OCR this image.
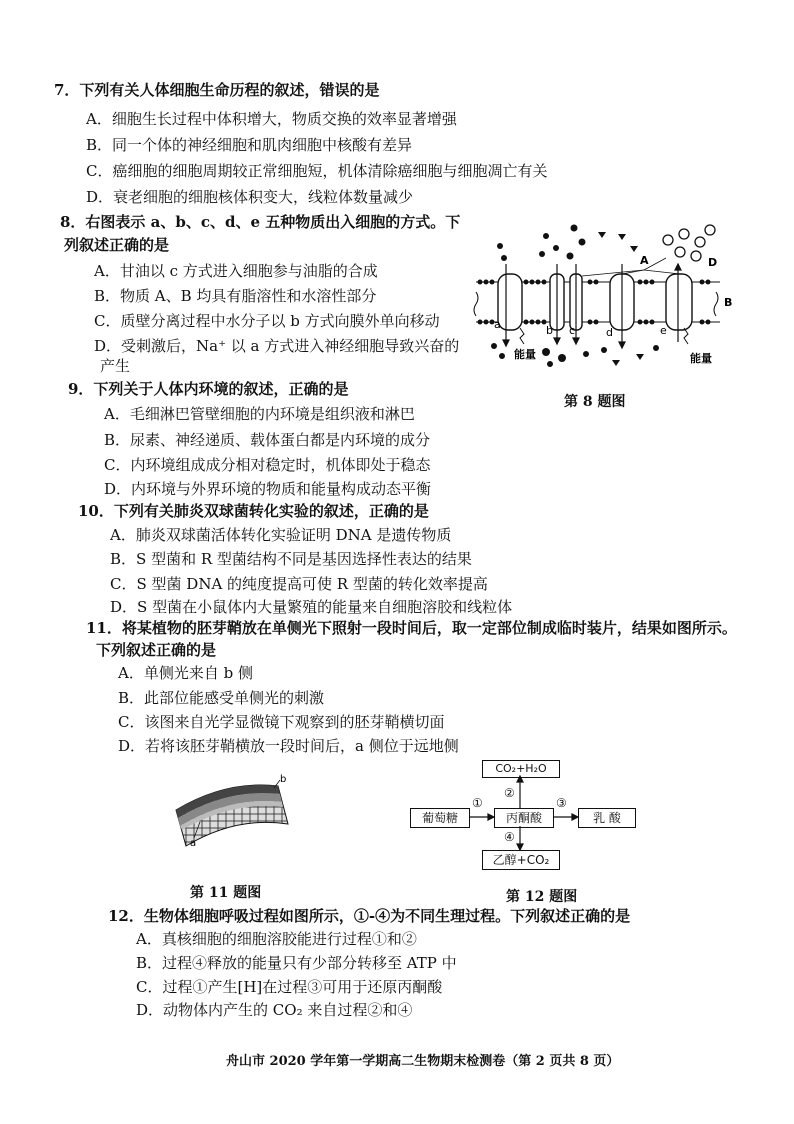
7．下列有关人体细胞生命历程的叙述，错误的是
A．细胞生长过程中体积增大，物质交换的效率显著增强
B．同一个体的神经细胞和肌肉细胞中核酸有差异
C．癌细胞的细胞周期较正常细胞短，机体清除癌细胞与细胞凋亡有关
D．衰老细胞的细胞核体积变大，线粒体数量减少
8．右图表示 a、b、c、d、e 五种物质出入细胞的方式。下
列叙述正确的是
A．甘油以 c 方式进入细胞参与油脂的合成
B．物质 A、B 均具有脂溶性和水溶性部分
C．质壁分离过程中水分子以 b 方式向膜外单向移动
D．受刺激后，Na⁺ 以 a 方式进入神经细胞导致兴奋的
产生
A	D
B
a	b c	d	e
能量	能量
第 8 题图
9．下列关于人体内环境的叙述，正确的是
A．毛细淋巴管壁细胞的内环境是组织液和淋巴
B．尿素、神经递质、载体蛋白都是内环境的成分
C．内环境组成成分相对稳定时，机体即处于稳态
D．内环境与外界环境的物质和能量构成动态平衡
10．下列有关肺炎双球菌转化实验的叙述，正确的是
A．肺炎双球菌活体转化实验证明 DNA 是遗传物质
B．S 型菌和 R 型菌结构不同是基因选择性表达的结果
C．S 型菌 DNA 的纯度提高可使 R 型菌的转化效率提高
D．S 型菌在小鼠体内大量繁殖的能量来自细胞溶胶和线粒体
11．将某植物的胚芽鞘放在单侧光下照射一段时间后，取一定部位制成临时装片，结果如图所示。
下列叙述正确的是
A．单侧光来自 b 侧
B．此部位能感受单侧光的刺激
C．该图来自光学显微镜下观察到的胚芽鞘横切面
D．若将该胚芽鞘横放一段时间后，a 侧位于远地侧
b
a
第 11 题图
葡萄糖	丙酮酸
CO₂+H₂O
乳 酸
乙醇+CO₂
①
②
③
④
第 12 题图
12．生物体细胞呼吸过程如图所示，①-④为不同生理过程。下列叙述正确的是
A．真核细胞的细胞溶胶能进行过程①和②
B．过程④释放的能量只有少部分转移至 ATP 中
C．过程①产生[H]在过程③可用于还原丙酮酸
D．动物体内产生的 CO₂ 来自过程②和④
舟山市 2020 学年第一学期高二生物期末检测卷（第 2 页共 8 页）
